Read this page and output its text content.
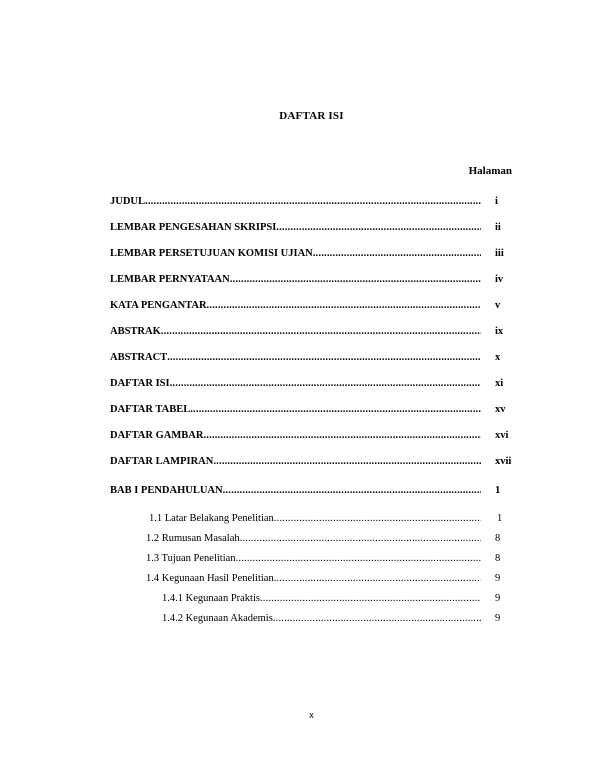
DAFTAR ISI
Halaman
JUDUL .....	i
LEMBAR PENGESAHAN SKRIPSI .....	ii
LEMBAR PERSETUJUAN KOMISI UJIAN .....	iii
LEMBAR PERNYATAAN .....	iv
KATA PENGANTAR .....	v
ABSTRAK .....	ix
ABSTRACT .....	x
DAFTAR ISI .....	xi
DAFTAR TABEL .....	xv
DAFTAR GAMBAR .....	xvi
DAFTAR LAMPIRAN .....	xvii
BAB I PENDAHULUAN .....	1
1.1 Latar Belakang Penelitian .....	1
1.2 Rumusan Masalah .....	8
1.3 Tujuan Penelitian .....	8
1.4 Kegunaan Hasil Penelitian .....	9
1.4.1 Kegunaan Praktis .....	9
1.4.2 Kegunaan Akademis .....	9
x
